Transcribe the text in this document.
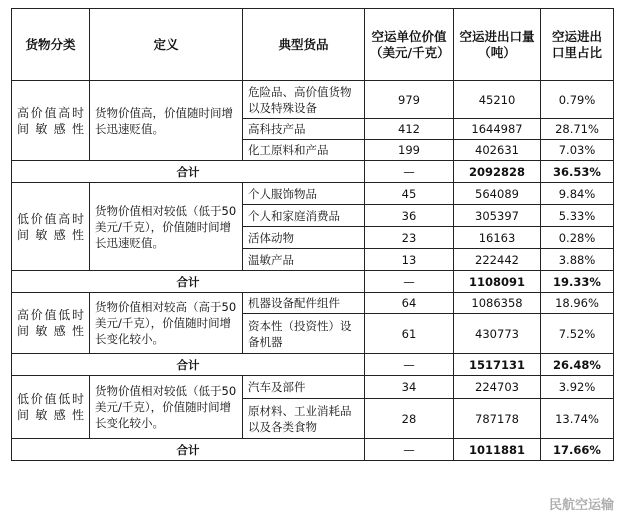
货物分类	定义	典型货品	空运单位价值（美元/千克）	空运进出口量（吨）	空运进出口里占比
高价值高时间敏感性	货物价值高，价值随时间增长迅速贬值。	危险品、高价值货物以及特殊设备	979	45210	0.79%
		高科技产品	412	1644987	28.71%
		化工原料和产品	199	402631	7.03%
合计			—	2092828	36.53%
低价值高时间敏感性	货物价值相对较低（低于50 美元/千克），价值随时间增长迅速贬值。	个人服饰物品	45	564089	9.84%
		个人和家庭消费品	36	305397	5.33%
		活体动物	23	16163	0.28%
		温敏产品	13	222442	3.88%
合计			—	1108091	19.33%
高价值低时间敏感性	货物价值相对较高（高于50 美元/千克），价值随时间增长变化较小。	机器设备配件组件	64	1086358	18.96%
		资本性（投资性）设备机器	61	430773	7.52%
合计			—	1517131	26.48%
低价值低时间敏感性	货物价值相对较低（低于50 美元/千克），价值随时间增长变化较小。	汽车及部件	34	224703	3.92%
		原材料、工业消耗品以及各类食物	28	787178	13.74%
合计			—	1011881	17.66%
民航空运输
